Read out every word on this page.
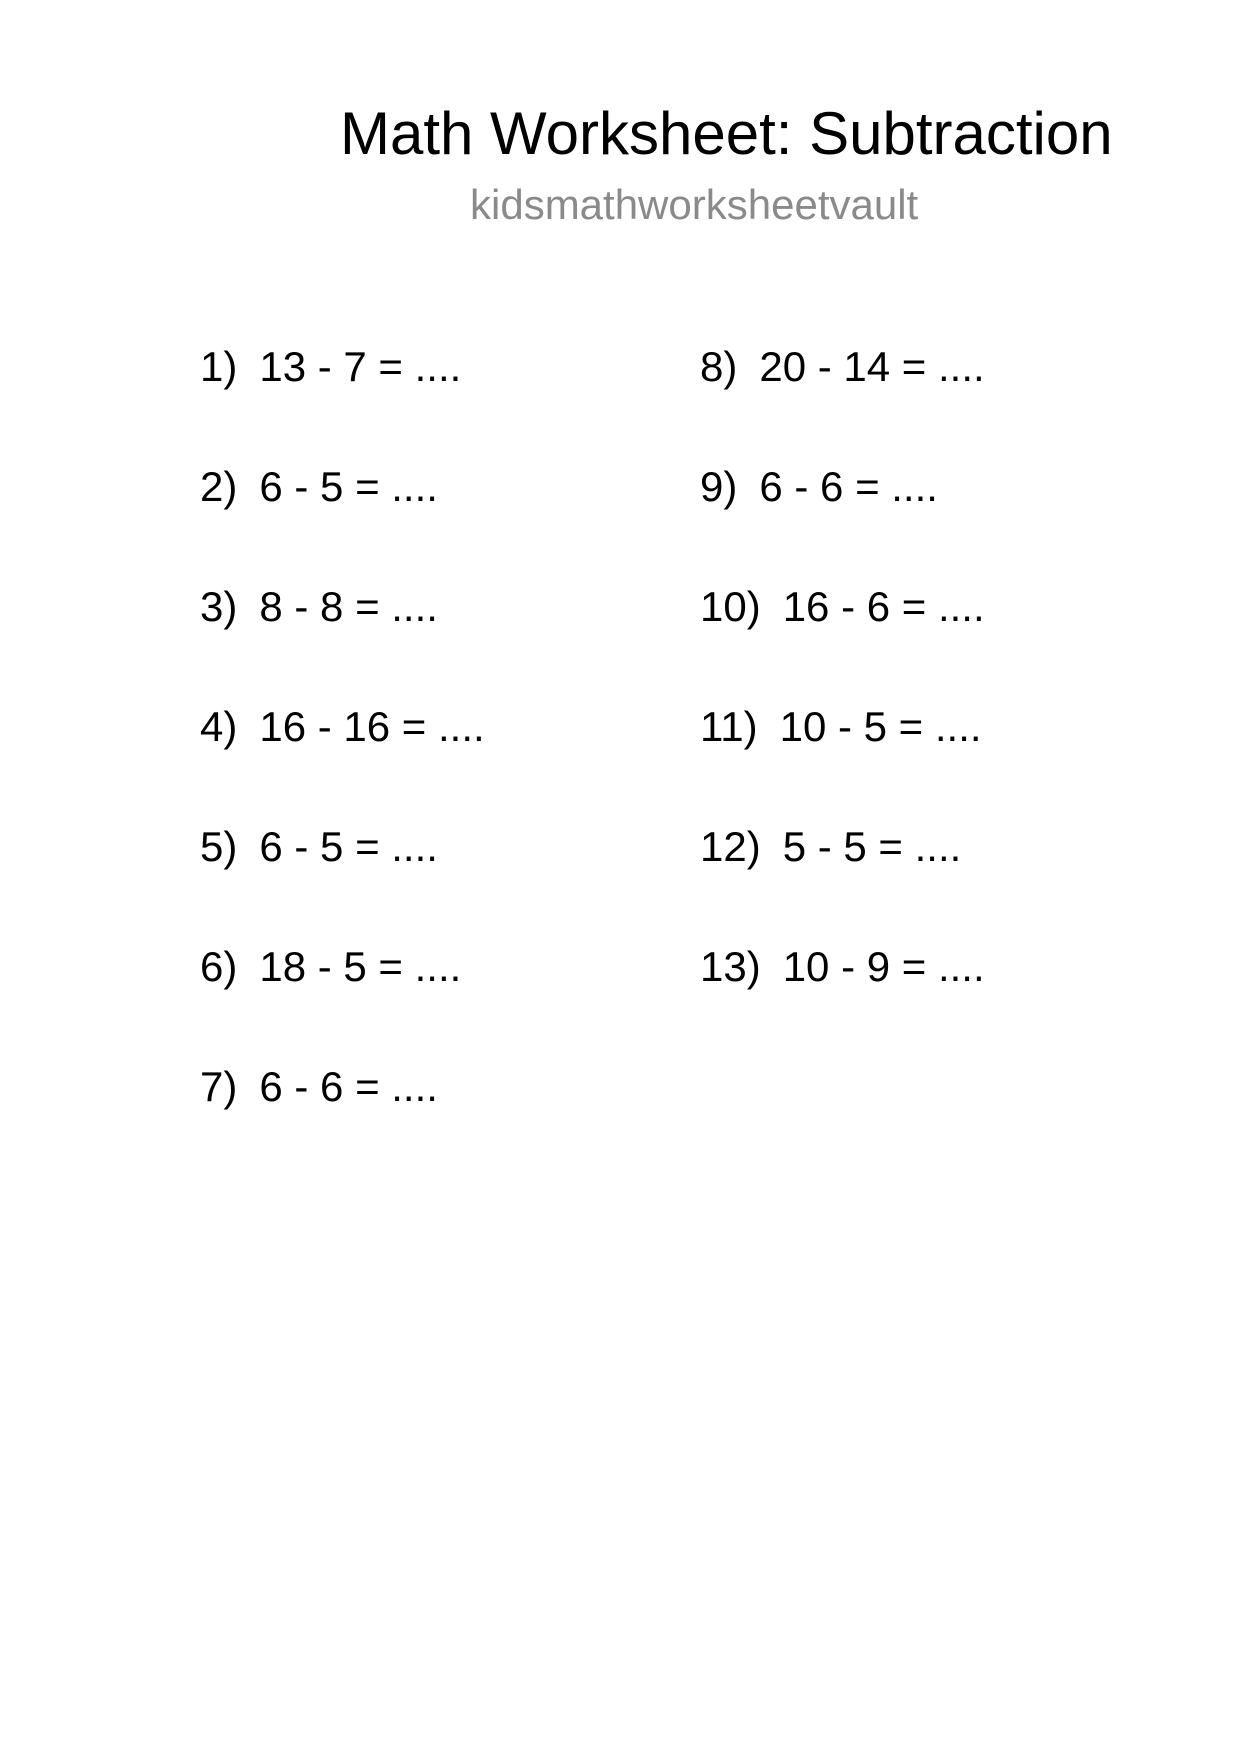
Math Worksheet: Subtraction
kidsmathworksheetvault
1) 13 - 7 = ....
2) 6 - 5 = ....
3) 8 - 8 = ....
4) 16 - 16 = ....
5) 6 - 5 = ....
6) 18 - 5 = ....
7) 6 - 6 = ....
8) 20 - 14 = ....
9) 6 - 6 = ....
10) 16 - 6 = ....
11) 10 - 5 = ....
12) 5 - 5 = ....
13) 10 - 9 = ....
